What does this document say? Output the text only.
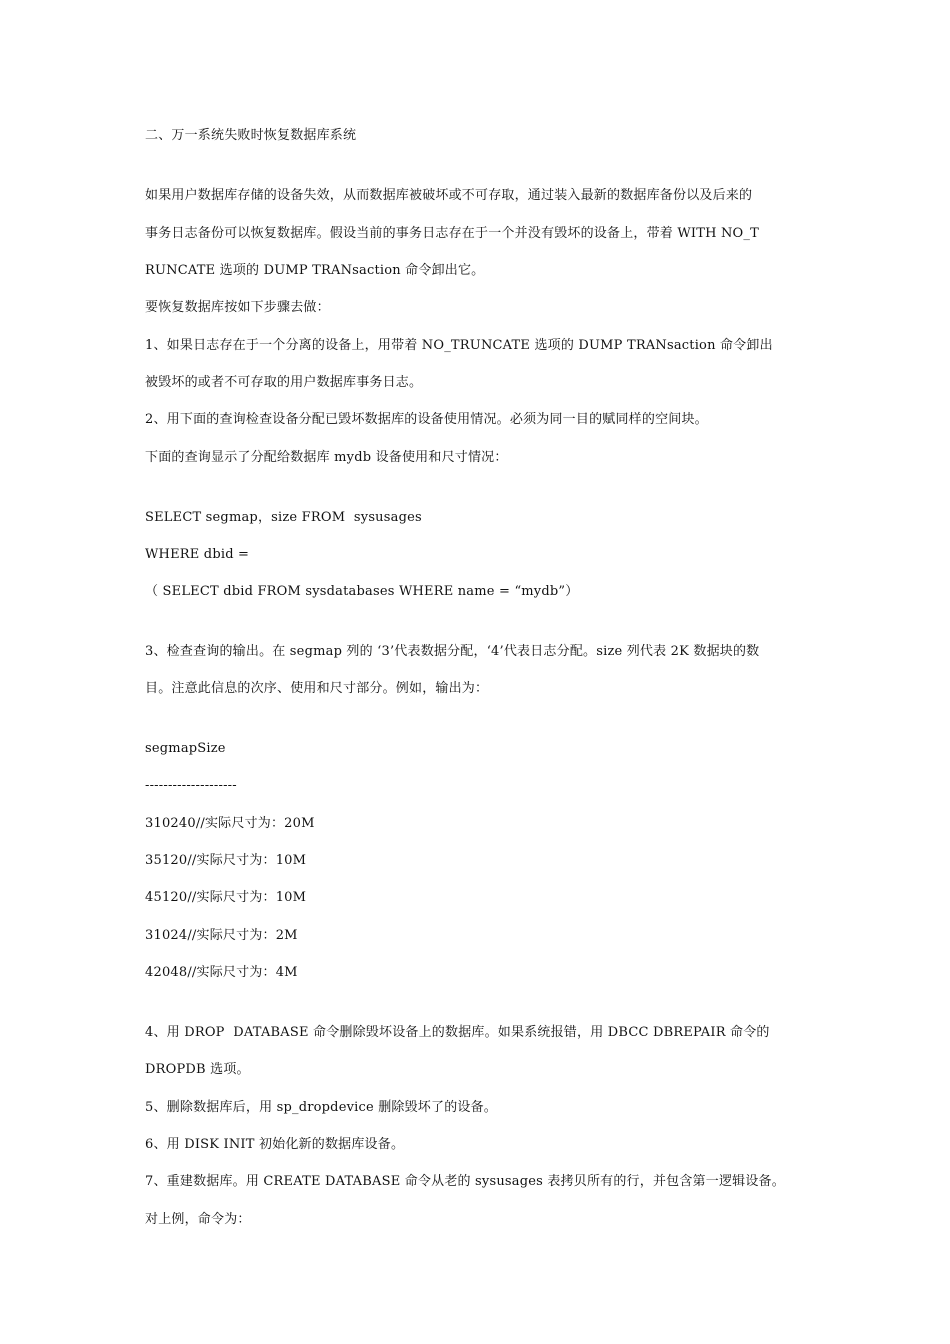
二、万一系统失败时恢复数据库系统
如果用户数据库存储的设备失效，从而数据库被破坏或不可存取，通过装入最新的数据库备份以及后来的
事务日志备份可以恢复数据库。假设当前的事务日志存在于一个并没有毁坏的设备上，带着 WITH NO_T
RUNCATE 选项的 DUMP TRANsaction 命令卸出它。
要恢复数据库按如下步骤去做：
1、如果日志存在于一个分离的设备上，用带着 NO_TRUNCATE 选项的 DUMP TRANsaction 命令卸出
被毁坏的或者不可存取的用户数据库事务日志。
2、用下面的查询检查设备分配已毁坏数据库的设备使用情况。必须为同一目的赋同样的空间块。
下面的查询显示了分配给数据库 mydb 设备使用和尺寸情况：
SELECT segmap，size FROM  sysusages
WHERE dbid =
（ SELECT dbid FROM sysdatabases WHERE name = “mydb”）
3、检查查询的输出。在 segmap 列的 ‘3’代表数据分配，‘4’代表日志分配。size 列代表 2K 数据块的数
目。注意此信息的次序、使用和尺寸部分。例如，输出为：
segmapSize
--------------------
310240//实际尺寸为：20M
35120//实际尺寸为：10M
45120//实际尺寸为：10M
31024//实际尺寸为：2M
42048//实际尺寸为：4M
4、用 DROP  DATABASE 命令删除毁坏设备上的数据库。如果系统报错，用 DBCC DBREPAIR 命令的
DROPDB 选项。
5、删除数据库后，用 sp_dropdevice 删除毁坏了的设备。
6、用 DISK INIT 初始化新的数据库设备。
7、重建数据库。用 CREATE DATABASE 命令从老的 sysusages 表拷贝所有的行，并包含第一逻辑设备。
对上例，命令为：
